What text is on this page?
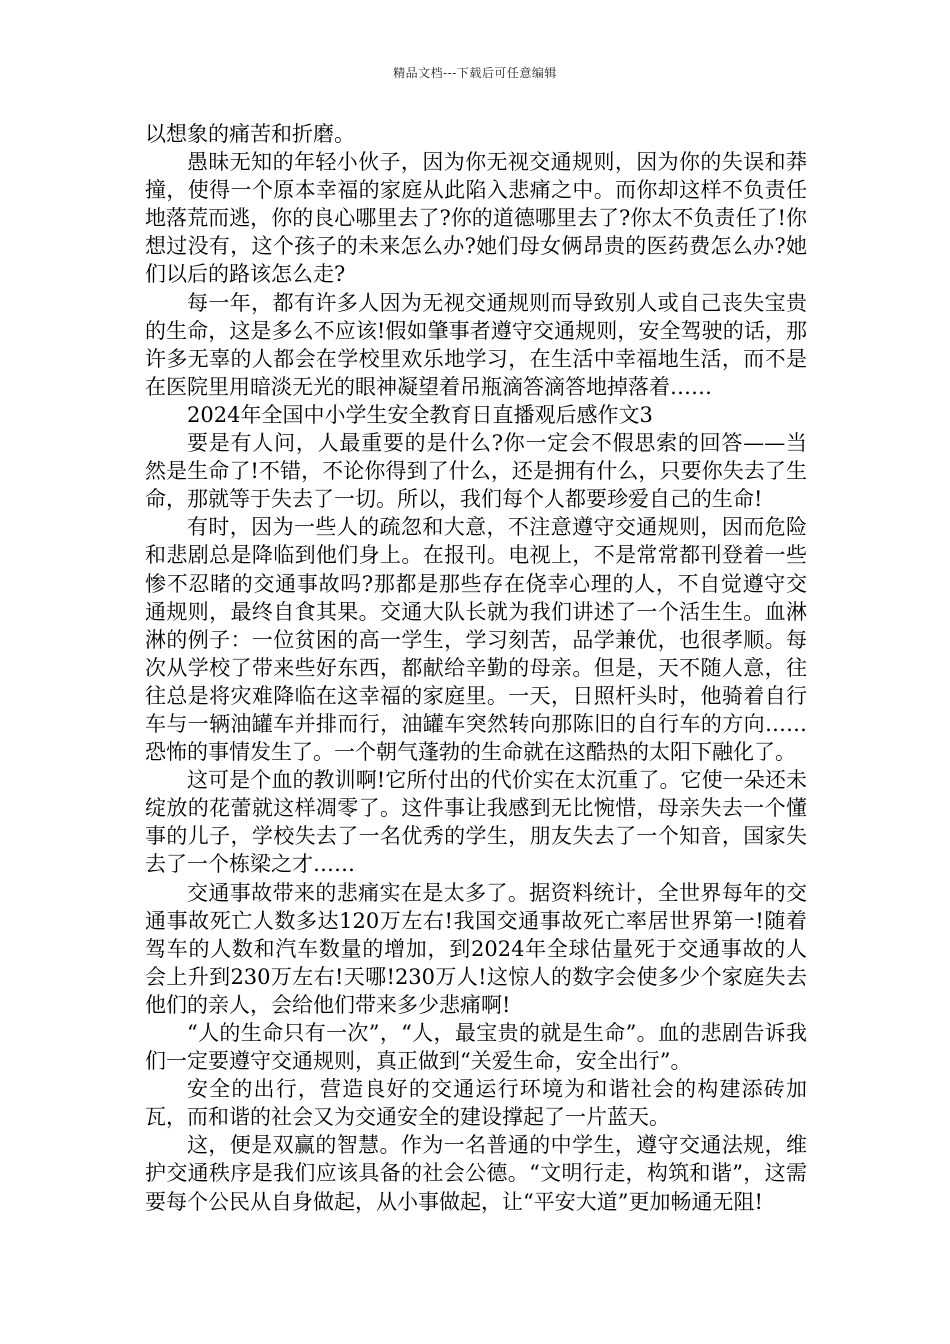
精品文档---下载后可任意编辑

以想象的痛苦和折磨。

愚昧无知的年轻小伙子，因为你无视交通规则，因为你的失误和莽撞，使得一个原本幸福的家庭从此陷入悲痛之中。而你却这样不负责任地落荒而逃，你的良心哪里去了?你的道德哪里去了?你太不负责任了!你想过没有，这个孩子的未来怎么办?她们母女俩昂贵的医药费怎么办?她们以后的路该怎么走?

每一年，都有许多人因为无视交通规则而导致别人或自己丧失宝贵的生命，这是多么不应该!假如肇事者遵守交通规则，安全驾驶的话，那许多无辜的人都会在学校里欢乐地学习，在生活中幸福地生活，而不是在医院里用暗淡无光的眼神凝望着吊瓶滴答滴答地掉落着……

2024年全国中小学生安全教育日直播观后感作文3

要是有人问，人最重要的是什么?你一定会不假思索的回答——当然是生命了!不错，不论你得到了什么，还是拥有什么，只要你失去了生命，那就等于失去了一切。所以，我们每个人都要珍爱自己的生命!

有时，因为一些人的疏忽和大意，不注意遵守交通规则，因而危险和悲剧总是降临到他们身上。在报刊。电视上，不是常常都刊登着一些惨不忍睹的交通事故吗?那都是那些存在侥幸心理的人，不自觉遵守交通规则，最终自食其果。交通大队长就为我们讲述了一个活生生。血淋淋的例子：一位贫困的高一学生，学习刻苦，品学兼优，也很孝顺。每次从学校了带来些好东西，都献给辛勤的母亲。但是，天不随人意，往往总是将灾难降临在这幸福的家庭里。一天，日照杆头时，他骑着自行车与一辆油罐车并排而行，油罐车突然转向那陈旧的自行车的方向……恐怖的事情发生了。一个朝气蓬勃的生命就在这酷热的太阳下融化了。

这可是个血的教训啊!它所付出的代价实在太沉重了。它使一朵还未绽放的花蕾就这样凋零了。这件事让我感到无比惋惜，母亲失去一个懂事的儿子，学校失去了一名优秀的学生，朋友失去了一个知音，国家失去了一个栋梁之才……

交通事故带来的悲痛实在是太多了。据资料统计，全世界每年的交通事故死亡人数多达120万左右!我国交通事故死亡率居世界第一!随着驾车的人数和汽车数量的增加，到2024年全球估量死于交通事故的人会上升到230万左右!天哪!230万人!这惊人的数字会使多少个家庭失去他们的亲人，会给他们带来多少悲痛啊!

“人的生命只有一次”，“人，最宝贵的就是生命”。血的悲剧告诉我们一定要遵守交通规则，真正做到“关爱生命，安全出行”。

安全的出行，营造良好的交通运行环境为和谐社会的构建添砖加瓦，而和谐的社会又为交通安全的建设撑起了一片蓝天。

这，便是双赢的智慧。作为一名普通的中学生，遵守交通法规，维护交通秩序是我们应该具备的社会公德。“文明行走，构筑和谐”，这需要每个公民从自身做起，从小事做起，让“平安大道”更加畅通无阻!
